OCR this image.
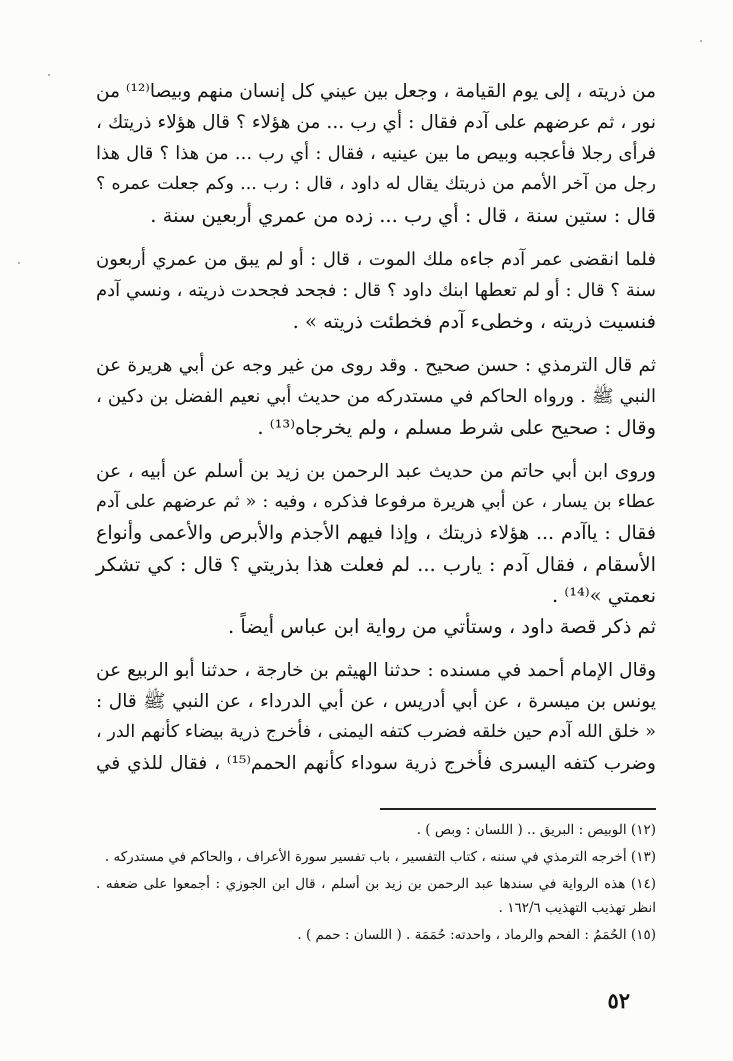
من ذريته ، إلى يوم القيامة ، وجعل بين عيني كل إنسان منهم وبيصا⁽¹²⁾ من
نور ، ثم عرضهم على آدم فقال : أي رب ... من هؤلاء ؟ قال هؤلاء ذريتك ،
فرأى رجلا فأعجبه وبيص ما بين عينيه ، فقال : أي رب ... من هذا ؟ قال هذا
رجل من آخر الأمم من ذريتك يقال له داود ، قال : رب ... وكم جعلت عمره ؟
قال : ستين سنة ، قال : أي رب ... زده من عمري أربعين سنة .

فلما انقضى عمر آدم جاءه ملك الموت ، قال : أو لم يبق من عمري أربعون
سنة ؟ قال : أو لم تعطها ابنك داود ؟ قال : فجحد فجحدت ذريته ، ونسي آدم
فنسيت ذريته ، وخطىء آدم فخطئت ذريته » .

ثم قال الترمذي : حسن صحيح . وقد روى من غير وجه عن أبي هريرة عن
النبي ﷺ . ورواه الحاكم في مستدركه من حديث أبي نعيم الفضل بن دكين ،
وقال : صحيح على شرط مسلم ، ولم يخرجاه⁽¹³⁾ .

وروى ابن أبي حاتم من حديث عبد الرحمن بن زيد بن أسلم عن أبيه ، عن
عطاء بن يسار ، عن أبي هريرة مرفوعا فذكره ، وفيه : « ثم عرضهم على آدم
فقال : ياآدم ... هؤلاء ذريتك ، وإذا فيهم الأجذم والأبرص والأعمى وأنواع
الأسقام ، فقال آدم : يارب ... لم فعلت هذا بذريتي ؟ قال : كي تشكر
نعمتي »⁽¹⁴⁾ .

ثم ذكر قصة داود ، وستأتي من رواية ابن عباس أيضاً .

وقال الإمام أحمد في مسنده : حدثنا الهيثم بن خارجة ، حدثنا أبو الربيع عن
يونس بن ميسرة ، عن أبي أدريس ، عن أبي الدرداء ، عن النبي ﷺ قال :
« خلق الله آدم حين خلقه فضرب كتفه اليمنى ، فأخرج ذرية بيضاء كأنهم الدر ،
وضرب كتفه اليسرى فأخرج ذرية سوداء كأنهم الحمم⁽¹⁵⁾ ، فقال للذي في

(١٢) الوبيص : البريق .. ( اللسان : وبص ) .

(١٣) أخرجه الترمذي في سننه ، كتاب التفسير ، باب تفسير سورة الأعراف ، والحاكم في مستدركه .

(١٤) هذه الرواية في سندها عبد الرحمن بن زيد بن أسلم ، قال ابن الجوزي : أجمعوا على ضعفه . انظر تهذيب التهذيب ١٦٢/٦ .

(١٥) الحُمَمُ : الفحم والرماد ، واحدته: حُمَمَة . ( اللسان : حمم ) .

٥٢
